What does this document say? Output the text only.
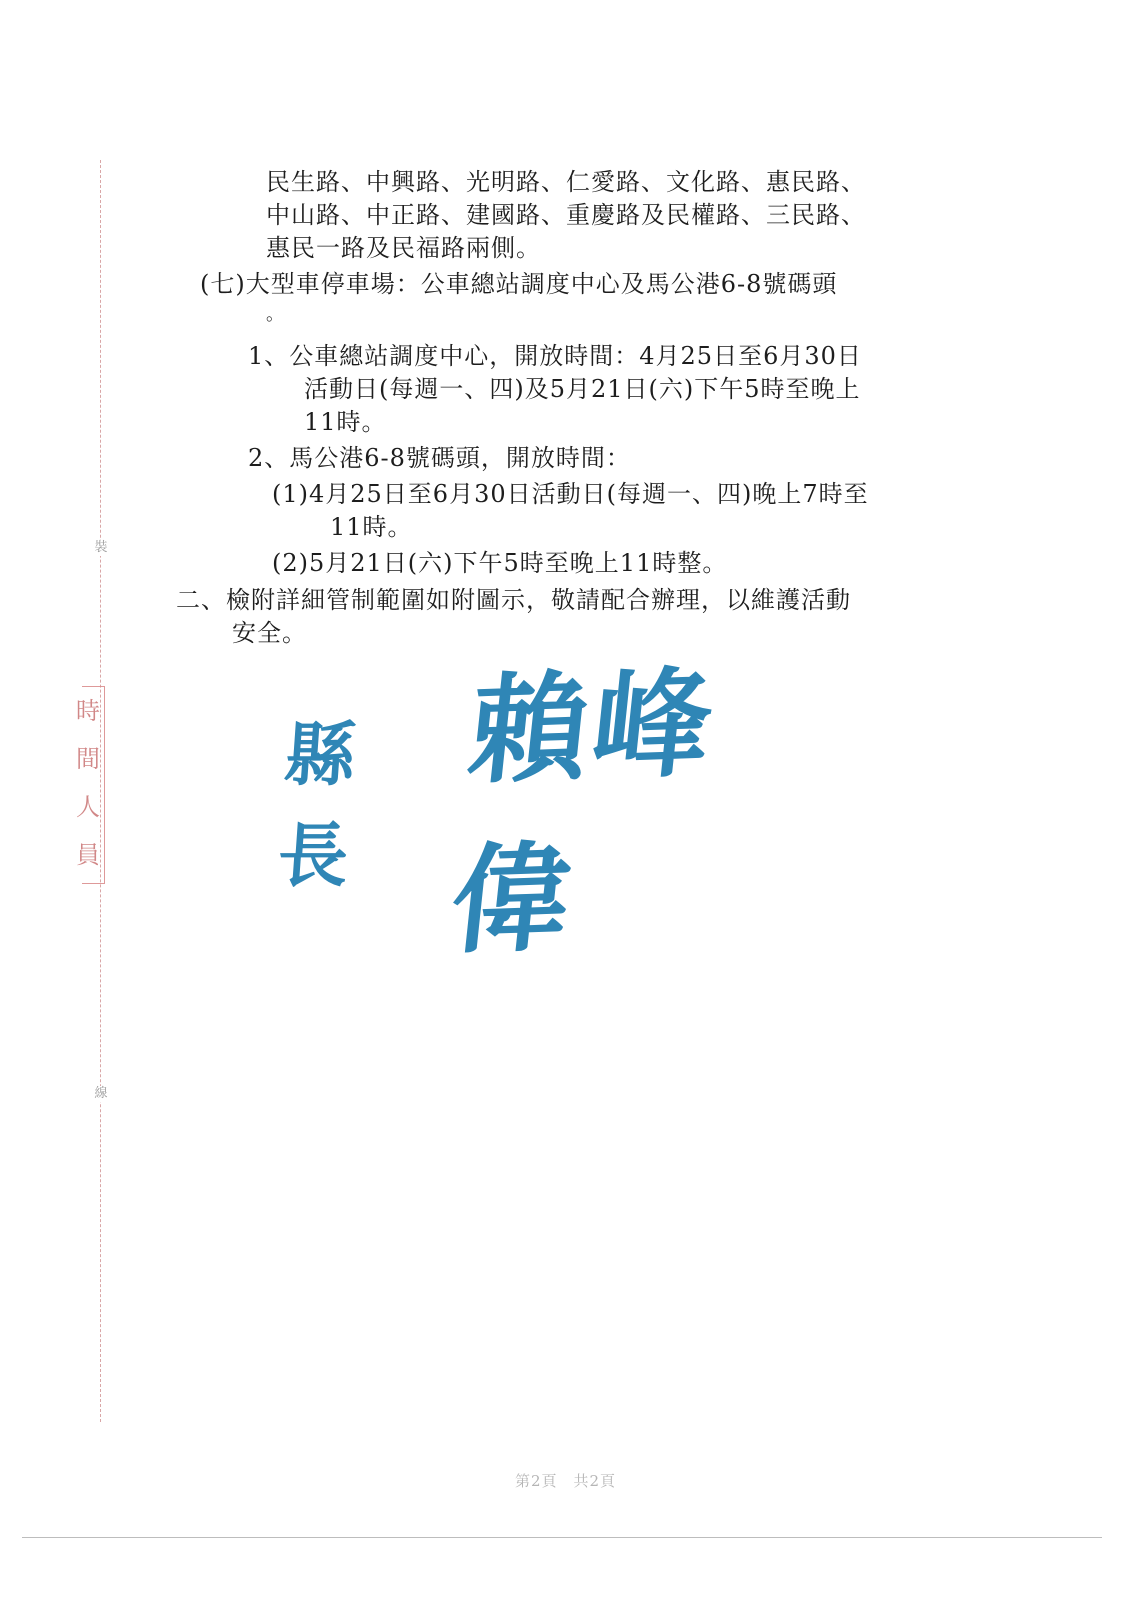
裝
線
時
間
人
員
民生路、中興路、光明路、仁愛路、文化路、惠民路、
中山路、中正路、建國路、重慶路及民權路、三民路、
惠民一路及民福路兩側。
(七)大型車停車場：公車總站調度中心及馬公港6-8號碼頭
。
1、公車總站調度中心，開放時間：4月25日至6月30日
活動日(每週一、四)及5月21日(六)下午5時至晚上
11時。
2、馬公港6-8號碼頭，開放時間：
(1)4月25日至6月30日活動日(每週一、四)晚上7時至
11時。
(2)5月21日(六)下午5時至晚上11時整。
二、檢附詳細管制範圍如附圖示，敬請配合辦理，以維護活動
安全。
縣長
賴峰偉
第2頁　共2頁
